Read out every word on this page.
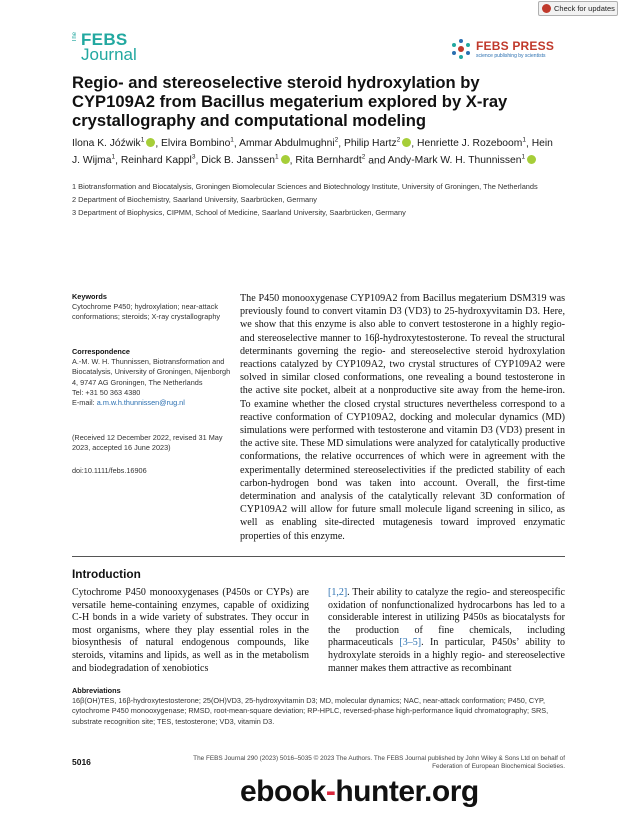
Check for updates
The FEBS
Journal	FEBS PRESS
science publishing by scientists
Regio- and stereoselective steroid hydroxylation by CYP109A2 from Bacillus megaterium explored by X-ray crystallography and computational modeling
Ilona K. Jóźwik$^1$ , Elvira Bombino$^1$, Ammar Abdulmughni$^2$, Philip Hartz$^2$ , Henriette J. Rozeboom$^1$, Hein J. Wijma$^1$, Reinhard Kappl$^3$, Dick B. Janssen$^1$ , Rita Bernhardt$^2$ and Andy-Mark W. H. Thunnissen$^1$
1 Biotransformation and Biocatalysis, Groningen Biomolecular Sciences and Biotechnology Institute, University of Groningen, The Netherlands
2 Department of Biochemistry, Saarland University, Saarbrücken, Germany
3 Department of Biophysics, CIPMM, School of Medicine, Saarland University, Saarbrücken, Germany
Keywords
Cytochrome P450; hydroxylation; near-attack conformations; steroids; X-ray crystallography
Correspondence
A.-M. W. H. Thunnissen, Biotransformation and Biocatalysis, University of Groningen, Nijenborgh 4, 9747 AG Groningen, The Netherlands
Tel: +31 50 363 4380
E-mail: a.m.w.h.thunnissen@rug.nl
(Received 12 December 2022, revised 31 May 2023, accepted 16 June 2023)
doi:10.1111/febs.16906
The P450 monooxygenase CYP109A2 from Bacillus megaterium DSM319 was previously found to convert vitamin D3 (VD3) to 25-hydroxyvitamin D3. Here, we show that this enzyme is also able to convert testosterone in a highly regio- and stereoselective manner to 16β-hydroxytestosterone. To reveal the structural determinants governing the regio- and stereoselective steroid hydroxylation reactions catalyzed by CYP109A2, two crystal structures of CYP109A2 were solved in similar closed conformations, one revealing a bound testosterone in the active site pocket, albeit at a nonproductive site away from the heme-iron. To examine whether the closed crystal structures nevertheless correspond to a reactive conformation of CYP109A2, docking and molecular dynamics (MD) simulations were performed with testosterone and vitamin D3 (VD3) present in the active site. These MD simulations were analyzed for catalytically productive conformations, the relative occurrences of which were in agreement with the experimentally determined stereoselectivities if the predicted stability of each carbon-hydrogen bond was taken into account. Overall, the first-time determination and analysis of the catalytically relevant 3D conformation of CYP109A2 will allow for future small molecule ligand screening in silico, as well as enabling site-directed mutagenesis toward improved enzymatic properties of this enzyme.
Introduction
Cytochrome P450 monooxygenases (P450s or CYPs) are versatile heme-containing enzymes, capable of oxidizing C-H bonds in a wide variety of substrates. They occur in most organisms, where they play essential roles in the biosynthesis of natural endogenous compounds, like steroids, vitamins and lipids, as well as in the metabolism and biodegradation of xenobiotics
[1,2]. Their ability to catalyze the regio- and stereospecific oxidation of nonfunctionalized hydrocarbons has led to a considerable interest in utilizing P450s as biocatalysts for the production of fine chemicals, including pharmaceuticals [3–5]. In particular, P450s’ ability to hydroxylate steroids in a highly regio- and stereoselective manner makes them attractive as recombinant
Abbreviations
16β(OH)TES, 16β-hydroxytestosterone; 25(OH)VD3, 25-hydroxyvitamin D3; MD, molecular dynamics; NAC, near-attack conformation; P450, CYP, cytochrome P450 monooxygenase; RMSD, root-mean-square deviation; RP-HPLC, reversed-phase high-performance liquid chromatography; SRS, substrate recognition site; TES, testosterone; VD3, vitamin D3.
5016	The FEBS Journal 290 (2023) 5016–5035 © 2023 The Authors. The FEBS Journal published by John Wiley & Sons Ltd on behalf of
Federation of European Biochemical Societies.
ebook - hunter.org
